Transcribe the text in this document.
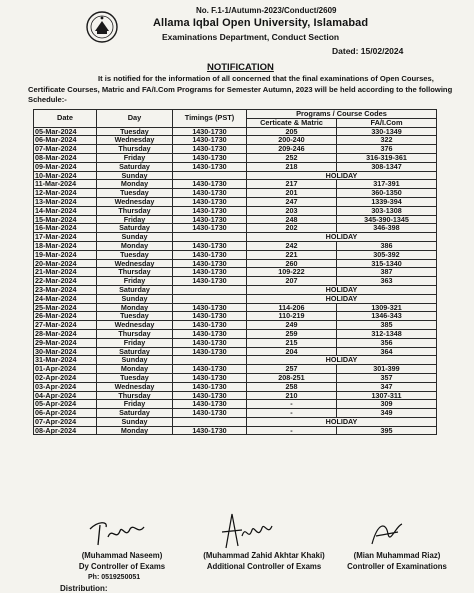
No. F.1-1/Autumn-2023/Conduct/2609
Allama Iqbal Open University, Islamabad
Examinations Department, Conduct Section
Dated: 15/02/2024
NOTIFICATION
It is notified for the information of all concerned that the final examinations of Open Courses, Certificate Courses, Matric and FA/I.Com Programs for Semester Autumn, 2023 will be held according to the following Schedule:-
Date	Day	Timings (PST)	Programs / Course Codes	
			Certicate & Matric	FA/I.Com
05-Mar-2024	Tuesday	1430-1730	205	330-1349
06-Mar-2024	Wednesday	1430-1730	200-240	322
07-Mar-2024	Thursday	1430-1730	209-246	376
08-Mar-2024	Friday	1430-1730	252	316-319-361
09-Mar-2024	Saturday	1430-1730	218	308-1347
10-Mar-2024	Sunday		HOLIDAY	
11-Mar-2024	Monday	1430-1730	217	317-391
12-Mar-2024	Tuesday	1430-1730	201	360-1350
13-Mar-2024	Wednesday	1430-1730	247	1339-394
14-Mar-2024	Thursday	1430-1730	203	303-1308
15-Mar-2024	Friday	1430-1730	248	345-390-1345
16-Mar-2024	Saturday	1430-1730	202	346-398
17-Mar-2024	Sunday		HOLIDAY	
18-Mar-2024	Monday	1430-1730	242	386
19-Mar-2024	Tuesday	1430-1730	221	305-392
20-Mar-2024	Wednesday	1430-1730	260	315-1340
21-Mar-2024	Thursday	1430-1730	109-222	387
22-Mar-2024	Friday	1430-1730	207	363
23-Mar-2024	Saturday		HOLIDAY	
24-Mar-2024	Sunday		HOLIDAY	
25-Mar-2024	Monday	1430-1730	114-206	1309-321
26-Mar-2024	Tuesday	1430-1730	110-219	1346-343
27-Mar-2024	Wednesday	1430-1730	249	385
28-Mar-2024	Thursday	1430-1730	259	312-1348
29-Mar-2024	Friday	1430-1730	215	356
30-Mar-2024	Saturday	1430-1730	204	364
31-Mar-2024	Sunday		HOLIDAY	
01-Apr-2024	Monday	1430-1730	257	301-399
02-Apr-2024	Tuesday	1430-1730	208-251	357
03-Apr-2024	Wednesday	1430-1730	258	347
04-Apr-2024	Thursday	1430-1730	210	1307-311
05-Apr-2024	Friday	1430-1730	-	309
06-Apr-2024	Saturday	1430-1730	-	349
07-Apr-2024	Sunday		HOLIDAY	
08-Apr-2024	Monday	1430-1730	-	395
(Muhammad Naseem)
Dy Controller of Exams
(Muhammad Zahid Akhtar Khaki)
Additional Controller of Exams
(Mian Muhammad Riaz)
Controller of Examinations
Ph: 0519250051
Distribution:
